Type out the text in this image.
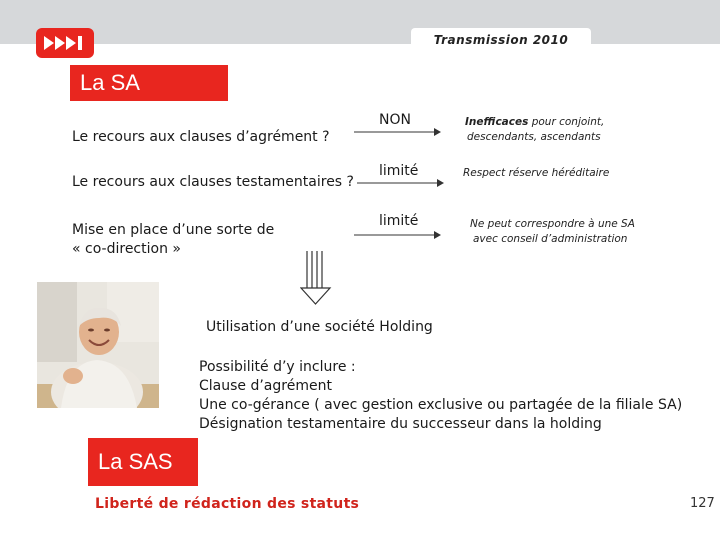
Transmission 2010
La SA
Le recours aux clauses d’agrément ?
NON	Inefficaces pour conjoint,
descendants, ascendants
Le recours aux clauses testamentaires ?
limité	Respect réserve héréditaire
Mise en place d’une sorte de
« co-direction »
limité	Ne peut correspondre à une SA
avec conseil d’administration
Utilisation d’une société Holding
Possibilité d’y inclure :
Clause d’agrément
Une co-gérance ( avec gestion exclusive ou partagée de la filiale SA)
Désignation testamentaire du successeur dans la holding
La SAS
Liberté de rédaction des statuts	127
